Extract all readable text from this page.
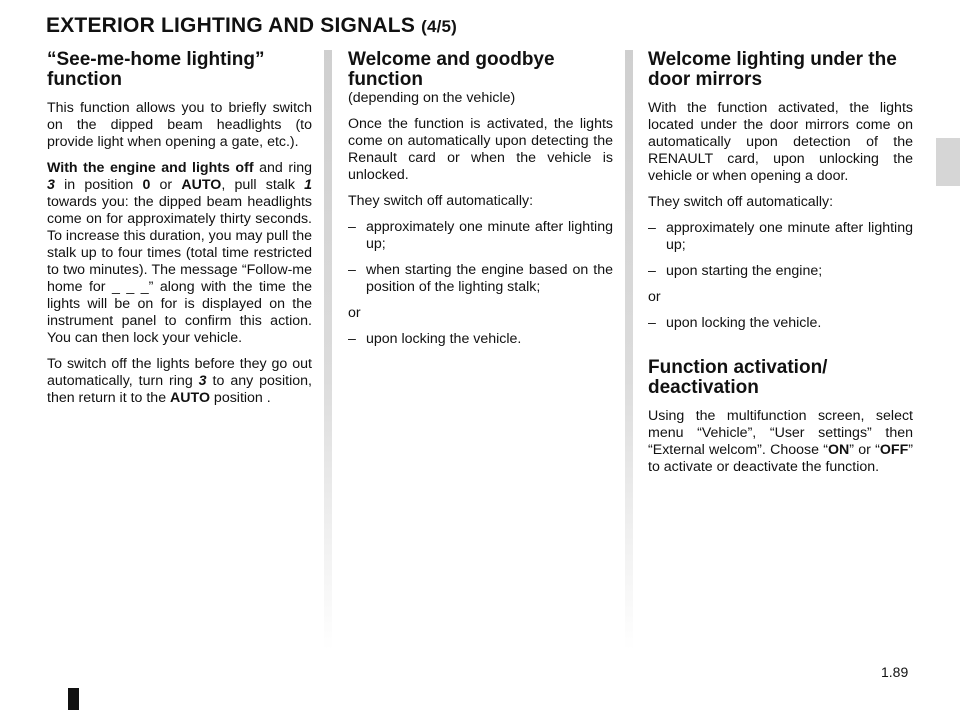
EXTERIOR LIGHTING AND SIGNALS (4/5)
“See-me-home lighting” function

This function allows you to briefly switch on the dipped beam headlights (to provide light when opening a gate, etc.).

With the engine and lights off and ring 3 in position 0 or AUTO, pull stalk 1 towards you: the dipped beam headlights come on for approximately thirty seconds. To increase this duration, you may pull the stalk up to four times (total time restricted to two minutes). The message “Follow-me home for _ _ _” along with the time the lights will be on for is displayed on the instrument panel to confirm this action. You can then lock your vehicle.

To switch off the lights before they go out automatically, turn ring 3 to any position, then return it to the AUTO position .

Welcome and goodbye function

(depending on the vehicle)

Once the function is activated, the lights come on automatically upon detecting the Renault card or when the vehicle is unlocked.

They switch off automatically:

– approximately one minute after lighting up;
– when starting the engine based on the position of the lighting stalk;

or

– upon locking the vehicle.
Welcome lighting under the door mirrors

With the function activated, the lights located under the door mirrors come on automatically upon detection of the RENAULT card, upon unlocking the vehicle or when opening a door.

They switch off automatically:

– approximately one minute after lighting up;
– upon starting the engine;

or

– upon locking the vehicle.
Function activation/ deactivation

Using the multifunction screen, select menu “Vehicle”, “User settings” then “External welcom”. Choose “ON” or “OFF” to activate or deactivate the function.

1.89
